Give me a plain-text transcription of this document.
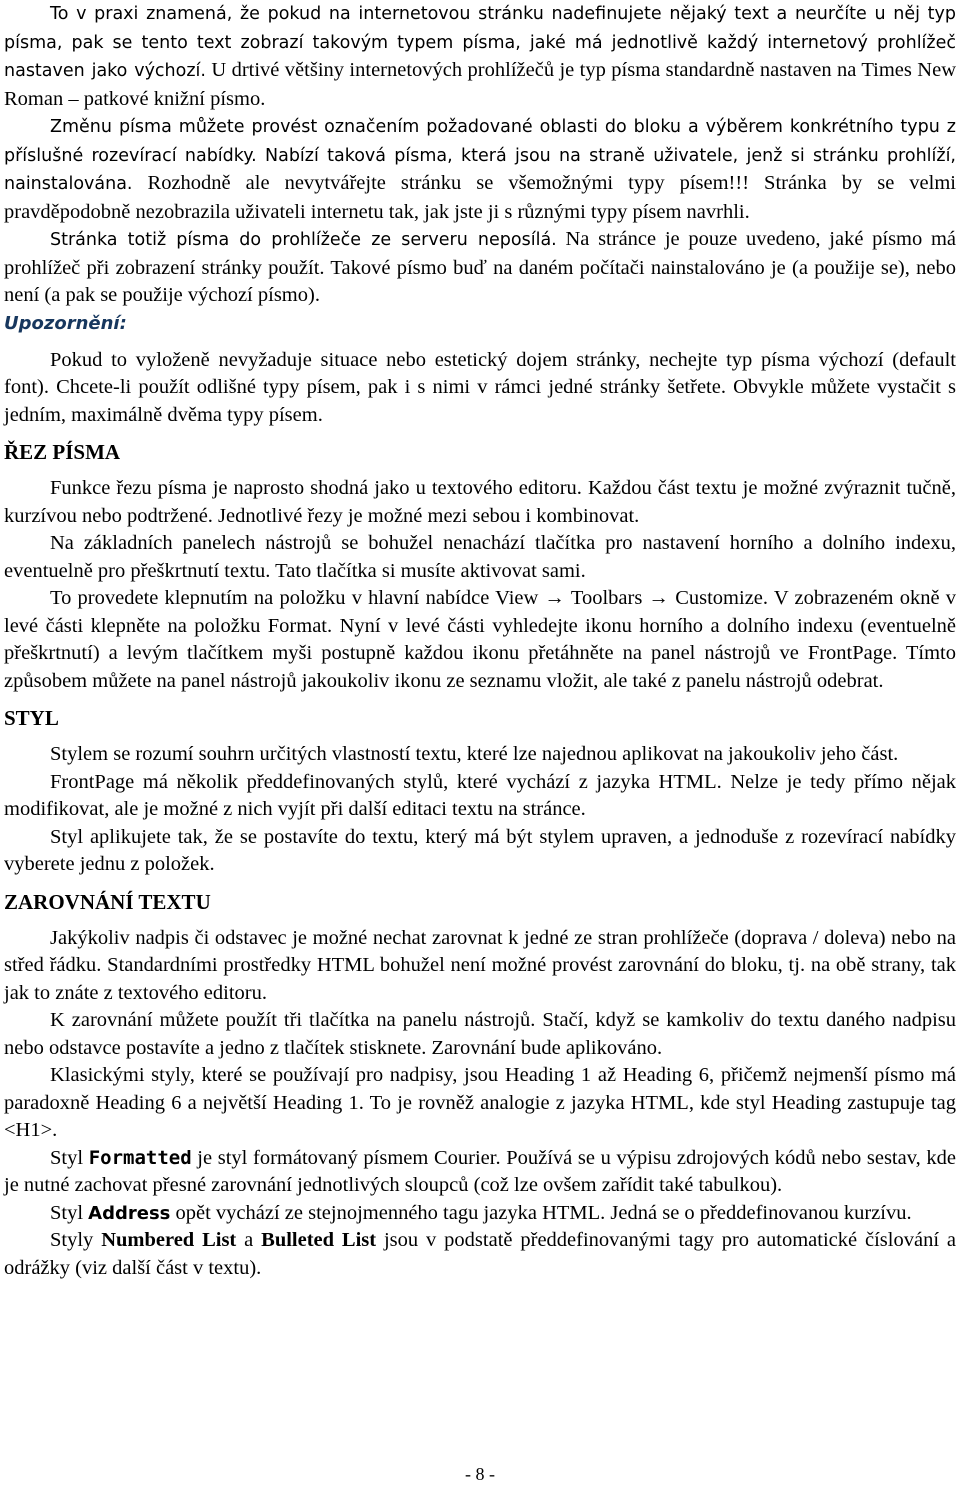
To v praxi znamená, že pokud na internetovou stránku nadefinujete nějaký text a neurčíte u něj typ písma, pak se tento text zobrazí takovým typem písma, jaké má jednotlivě každý internetový prohlížeč nastaven jako výchozí. U drtivé většiny internetových prohlížečů je typ písma standardně nastaven na Times New Roman – patkové knižní písmo.

Změnu písma můžete provést označením požadované oblasti do bloku a výběrem konkrétního typu z příslušné rozevírací nabídky. Nabízí taková písma, která jsou na straně uživatele, jenž si stránku prohlíží, nainstalována. Rozhodně ale nevytvářejte stránku se všemožnými typy písem!!! Stránka by se velmi pravděpodobně nezobrazila uživateli internetu tak, jak jste ji s různými typy písem navrhli.

Stránka totiž písma do prohlížeče ze serveru neposílá. Na stránce je pouze uvedeno, jaké písmo má prohlížeč při zobrazení stránky použít. Takové písmo buď na daném počítači nainstalováno je (a použije se), nebo není (a pak se použije výchozí písmo).

Upozornění:

Pokud to vyloženě nevyžaduje situace nebo estetický dojem stránky, nechejte typ písma výchozí (default font). Chcete-li použít odlišné typy písem, pak i s nimi v rámci jedné stránky šetřete. Obvykle můžete vystačit s jedním, maximálně dvěma typy písem.

ŘEZ PÍSMA

Funkce řezu písma je naprosto shodná jako u textového editoru. Každou část textu je možné zvýraznit tučně, kurzívou nebo podtržené. Jednotlivé řezy je možné mezi sebou i kombinovat.

Na základních panelech nástrojů se bohužel nenachází tlačítka pro nastavení horního a dolního indexu, eventuelně pro přeškrtnutí textu. Tato tlačítka si musíte aktivovat sami.

To provedete klepnutím na položku v hlavní nabídce View → Toolbars → Customize. V zobrazeném okně v levé části klepněte na položku Format. Nyní v levé části vyhledejte ikonu horního a dolního indexu (eventuelně přeškrtnutí) a levým tlačítkem myši postupně každou ikonu přetáhněte na panel nástrojů ve FrontPage. Tímto způsobem můžete na panel nástrojů jakoukoliv ikonu ze seznamu vložit, ale také z panelu nástrojů odebrat.

STYL

Stylem se rozumí souhrn určitých vlastností textu, které lze najednou aplikovat na jakoukoliv jeho část.

FrontPage má několik předdefinovaných stylů, které vychází z jazyka HTML. Nelze je tedy přímo nějak modifikovat, ale je možné z nich vyjít při další editaci textu na stránce.

Styl aplikujete tak, že se postavíte do textu, který má být stylem upraven, a jednoduše z rozevírací nabídky vyberete jednu z položek.

ZAROVNÁNÍ TEXTU

Jakýkoliv nadpis či odstavec je možné nechat zarovnat k jedné ze stran prohlížeče (doprava / doleva) nebo na střed řádku. Standardními prostředky HTML bohužel není možné provést zarovnání do bloku, tj. na obě strany, tak jak to znáte z textového editoru.

K zarovnání můžete použít tři tlačítka na panelu nástrojů. Stačí, když se kamkoliv do textu daného nadpisu nebo odstavce postavíte a jedno z tlačítek stisknete. Zarovnání bude aplikováno.

Klasickými styly, které se používají pro nadpisy, jsou Heading 1 až Heading 6, přičemž nejmenší písmo má paradoxně Heading 6 a největší Heading 1. To je rovněž analogie z jazyka HTML, kde styl Heading zastupuje tag <H1>.

Styl Formatted je styl formátovaný písmem Courier. Používá se u výpisu zdrojových kódů nebo sestav, kde je nutné zachovat přesné zarovnání jednotlivých sloupců (což lze ovšem zařídit také tabulkou).

Styl Address opět vychází ze stejnojmenného tagu jazyka HTML. Jedná se o předdefinovanou kurzívu.

Styly Numbered List a Bulleted List jsou v podstatě předdefinovanými tagy pro automatické číslování a odrážky (viz další část v textu).

- 8 -
